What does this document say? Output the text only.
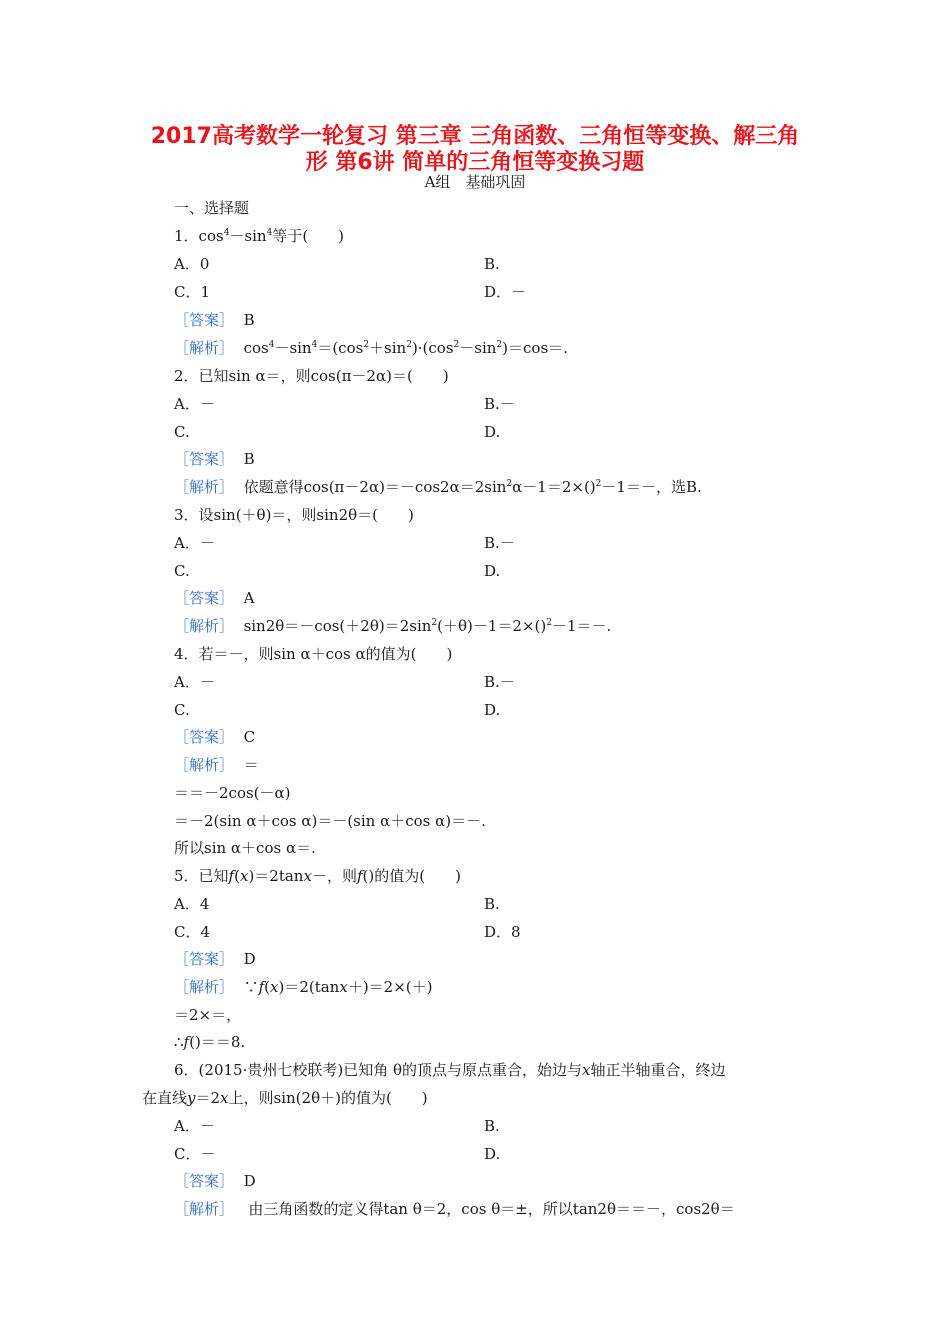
2017高考数学一轮复习 第三章 三角函数、三角恒等变换、解三角
形 第6讲 简单的三角恒等变换习题
A组　基础巩固
一、选择题
1．$\cos^4-\sin^4$等于(　　)
A．0	B.
C．1	D．－
［答案］ B
［解析］ $\cos^4-\sin^4=(\cos^2+\sin^2)\cdot(\cos^2-\sin^2)=\cos=$.
2．已知sin α＝，则cos(π－2α)＝(　　)
A．－	B.－
C.	D.
［答案］ B
［解析］ 依题意得$\cos(\pi-2\alpha)=-\cos 2\alpha=2\sin^2\alpha-1=2\times()^2-1=-$，选B.
3．设sin(＋θ)＝，则sin2θ＝(　　)
A．－	B.－
C.	D.
［答案］ A
［解析］ $\sin 2\theta=-\cos(+2\theta)=2\sin^2(+\theta)-1=2\times()^2-1=-$.
4．若＝－，则sin α＋cos α的值为(　　)
A．－	B.－
C.	D.
［答案］ C
［解析］ ＝
＝＝－2cos(－α)
＝－2(sin α＋cos α)＝－(sin α＋cos α)＝－.
所以sin α＋cos α＝.
5．已知f(x)＝2tanx－，则f()的值为(　　)
A．4	B.
C．4	D．8
［答案］ D
［解析］ ∵f(x)＝2(tanx＋)＝2×(＋)
＝2×＝，
∴f()＝＝8.
6．(2015·贵州七校联考)已知角 θ的顶点与原点重合，始边与x轴正半轴重合，终边
在直线y＝2x上，则sin(2θ＋)的值为(　　)
A．－	B.
C．－	D.
［答案］ D
［解析］ 由三角函数的定义得tan θ＝2，cos θ＝±，所以tan2θ＝＝－，cos2θ＝
